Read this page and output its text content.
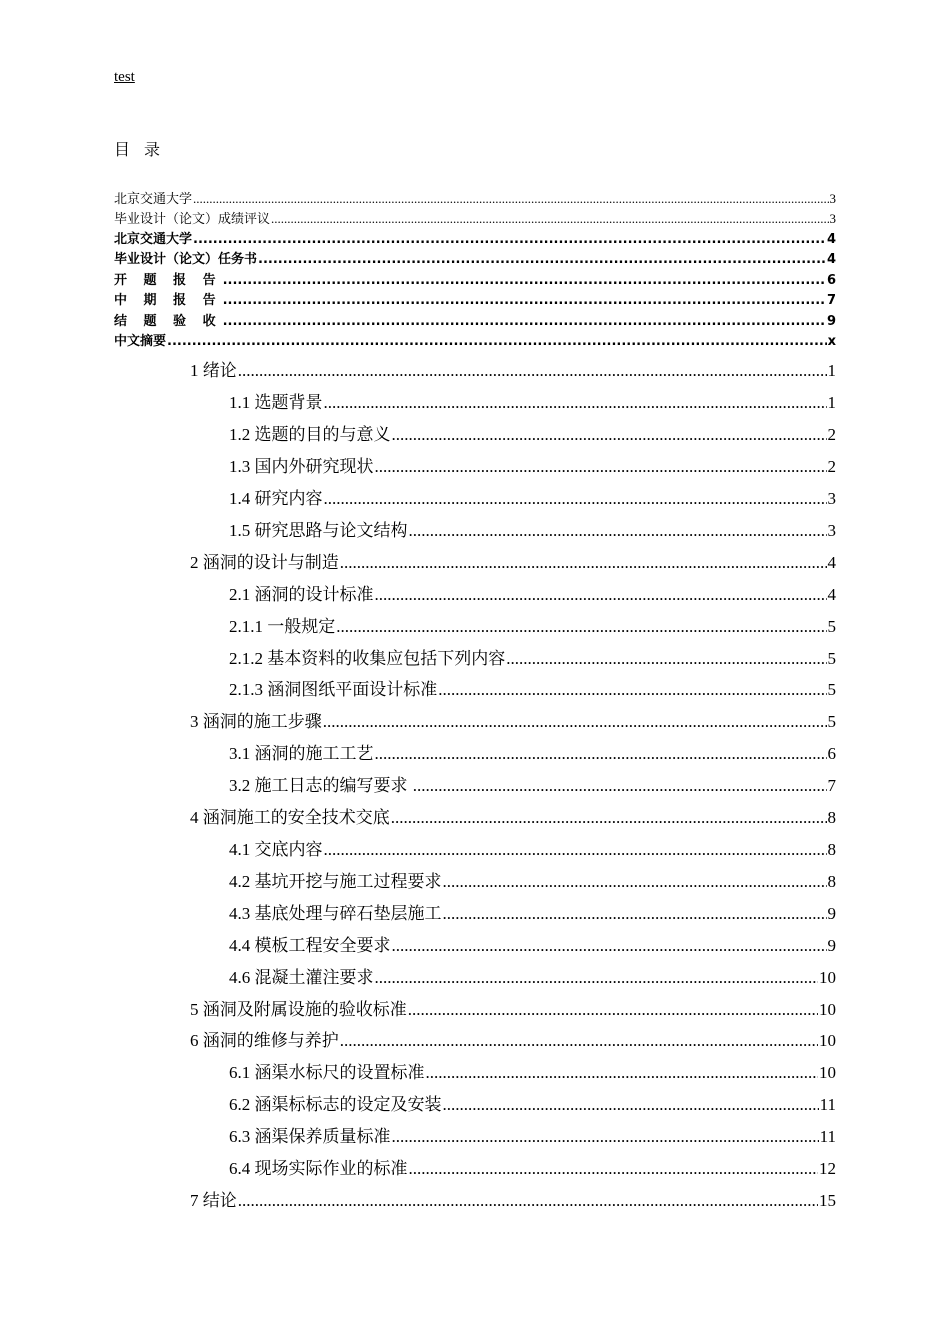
test
目录
北京交通大学 .....	3
毕业设计（论文）成绩评议 .....	3
北京交通大学 .....	4
毕业设计（论文）任务书 .....	4
开 题 报 告 .....	6
中 期 报 告 .....	7
结 题 验 收 .....	9
中文摘要 .....	x
1 绪论 .....	1
1.1 选题背景 .....	1
1.2 选题的目的与意义 .....	2
1.3 国内外研究现状 .....	2
1.4 研究内容 .....	3
1.5 研究思路与论文结构 .....	3
2 涵洞的设计与制造 .....	4
2.1 涵洞的设计标准 .....	4
2.1.1 一般规定 .....	5
2.1.2 基本资料的收集应包括下列内容 .....	5
2.1.3 涵洞图纸平面设计标准 .....	5
3 涵洞的施工步骤 .....	5
3.1 涵洞的施工工艺 .....	6
3.2 施工日志的编写要求 .....	7
4 涵洞施工的安全技术交底 .....	8
4.1 交底内容 .....	8
4.2 基坑开挖与施工过程要求 .....	8
4.3 基底处理与碎石垫层施工 .....	9
4.4 模板工程安全要求 .....	9
4.6 混凝土灌注要求 .....	10
5 涵洞及附属设施的验收标准 .....	10
6 涵洞的维修与养护 .....	10
6.1 涵渠水标尺的设置标准 .....	10
6.2 涵渠标标志的设定及安装 .....	11
6.3 涵渠保养质量标准 .....	11
6.4 现场实际作业的标准 .....	12
7 结论 .....	15
